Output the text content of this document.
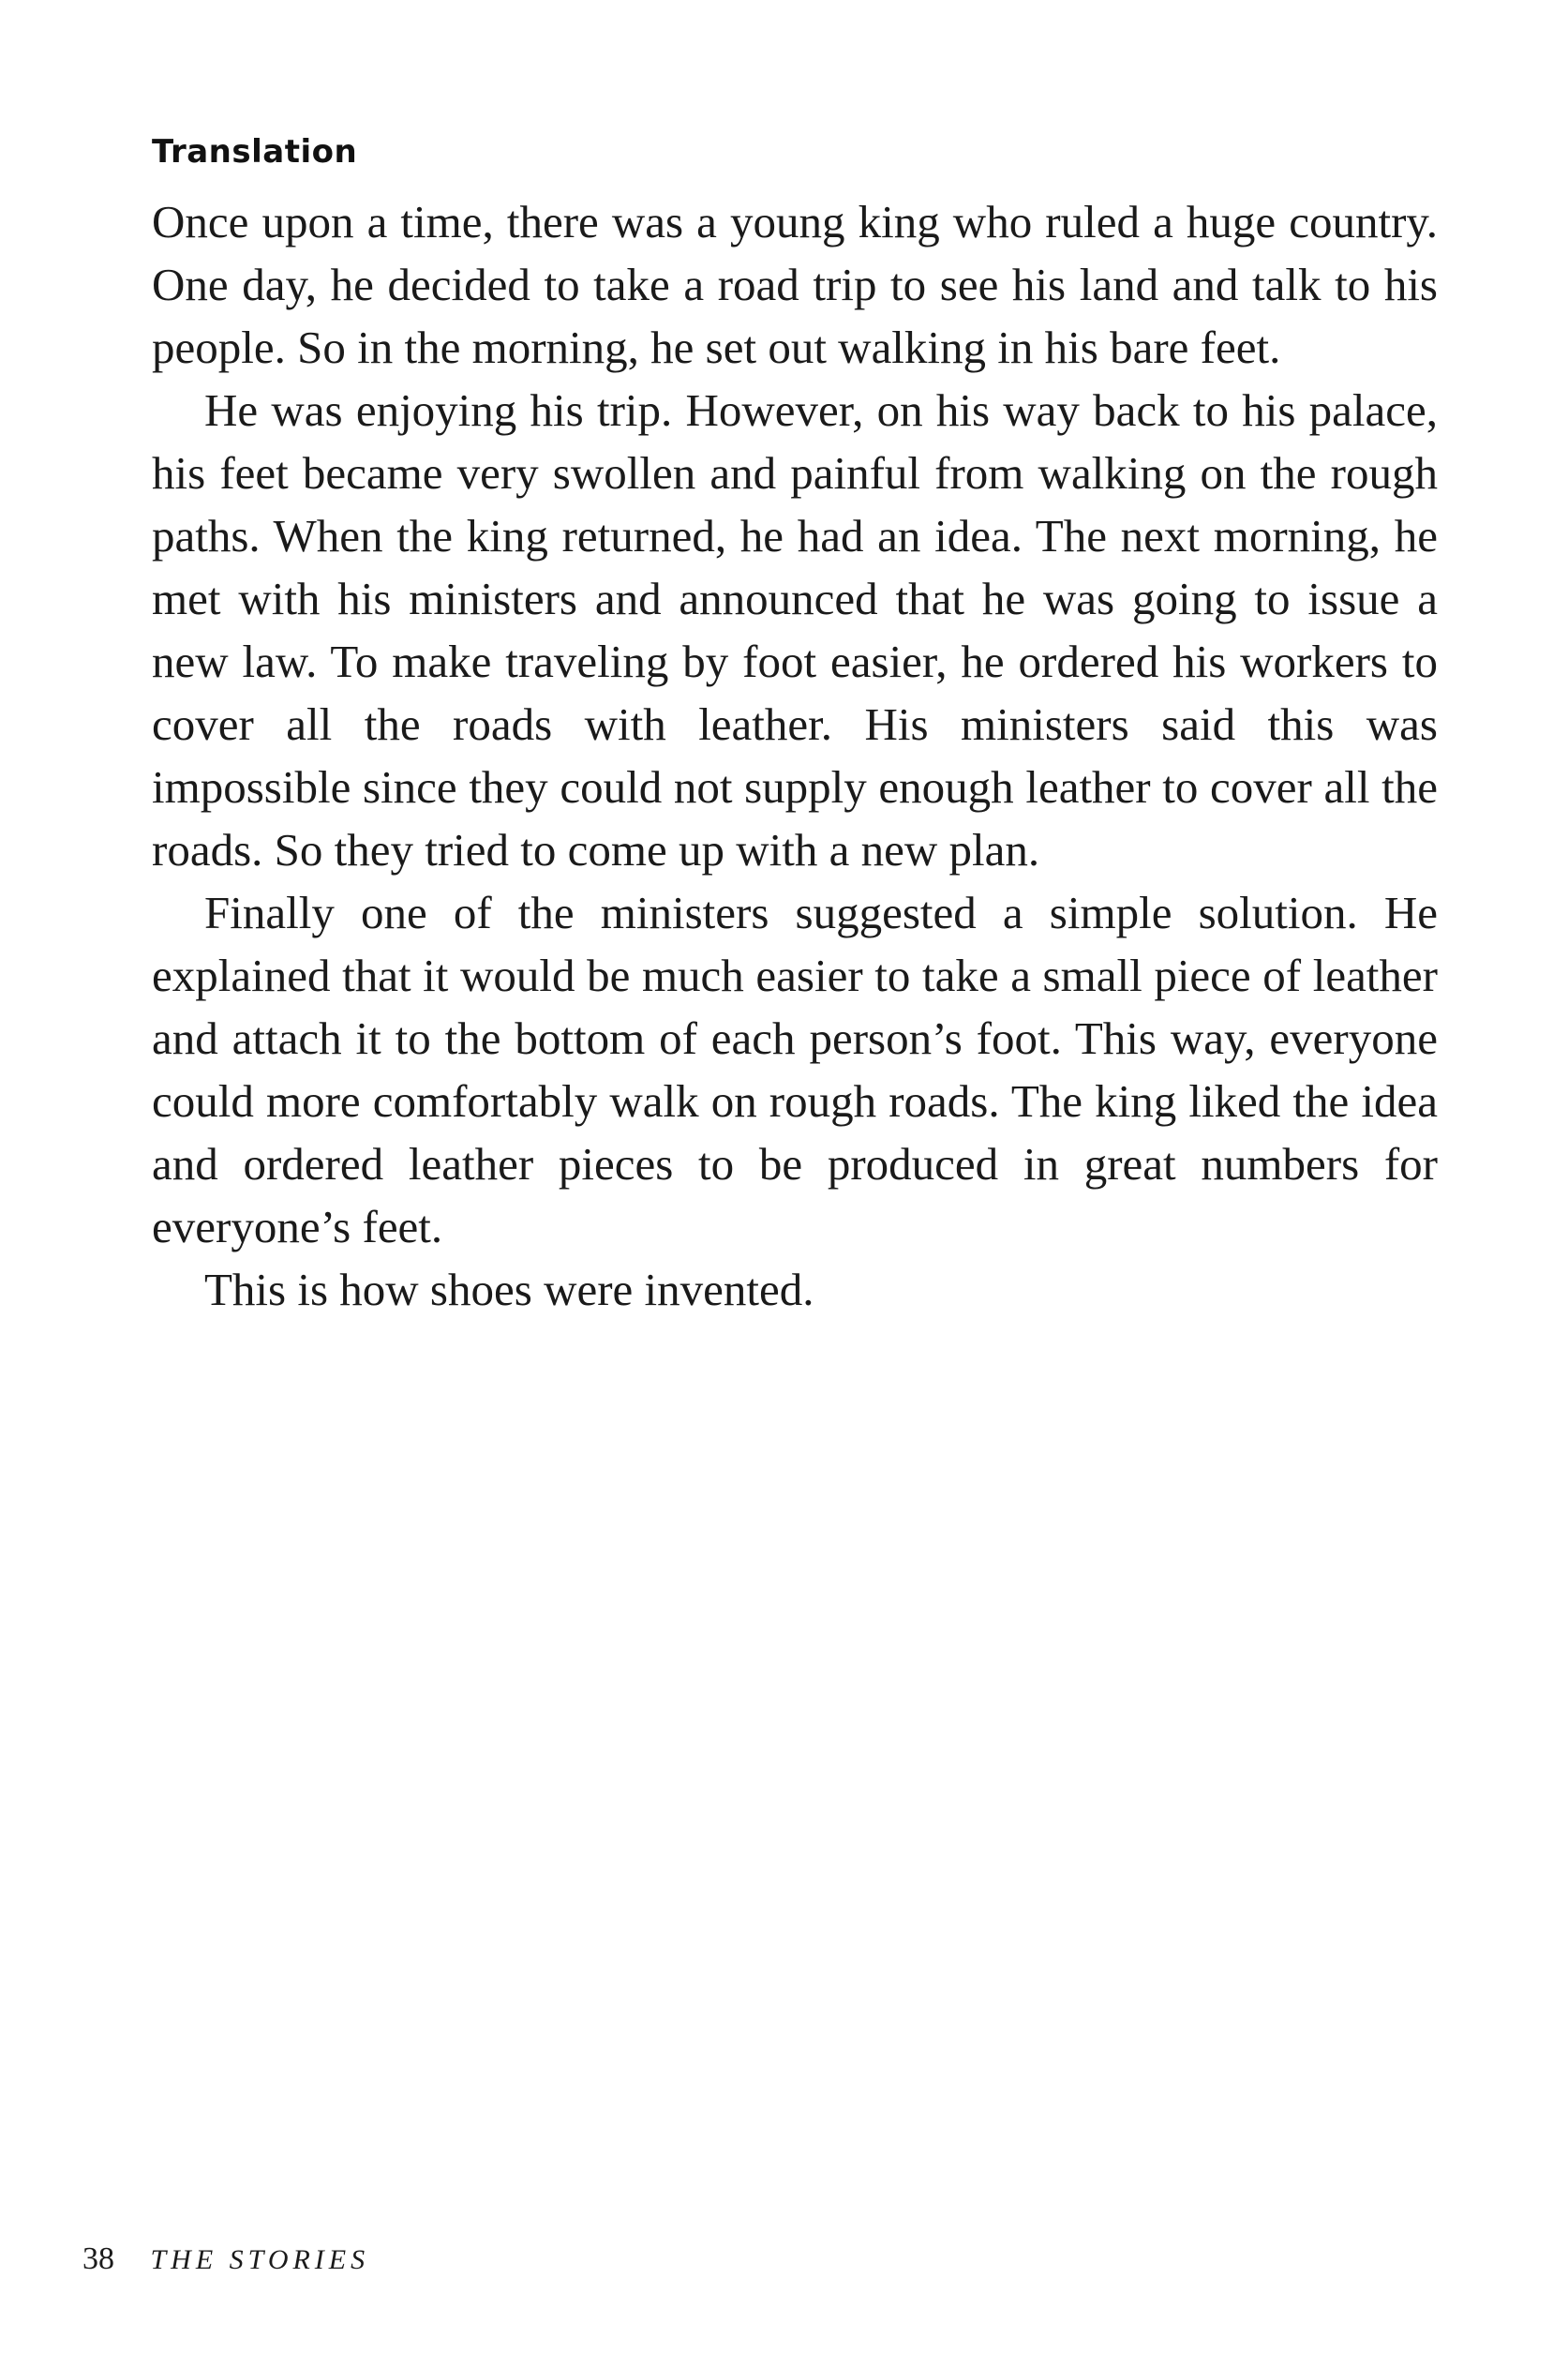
Translation

Once upon a time, there was a young king who ruled a huge country. One day, he decided to take a road trip to see his land and talk to his people. So in the morning, he set out walking in his bare feet.

He was enjoying his trip. However, on his way back to his palace, his feet became very swollen and painful from walking on the rough paths. When the king returned, he had an idea. The next morning, he met with his ministers and announced that he was going to issue a new law. To make traveling by foot easier, he ordered his workers to cover all the roads with leather. His ministers said this was impossible since they could not supply enough leather to cover all the roads. So they tried to come up with a new plan.

Finally one of the ministers suggested a simple solution. He explained that it would be much easier to take a small piece of leather and attach it to the bottom of each person’s foot. This way, everyone could more comfortably walk on rough roads. The king liked the idea and ordered leather pieces to be produced in great numbers for everyone’s feet.

This is how shoes were invented.

38 THE STORIES
